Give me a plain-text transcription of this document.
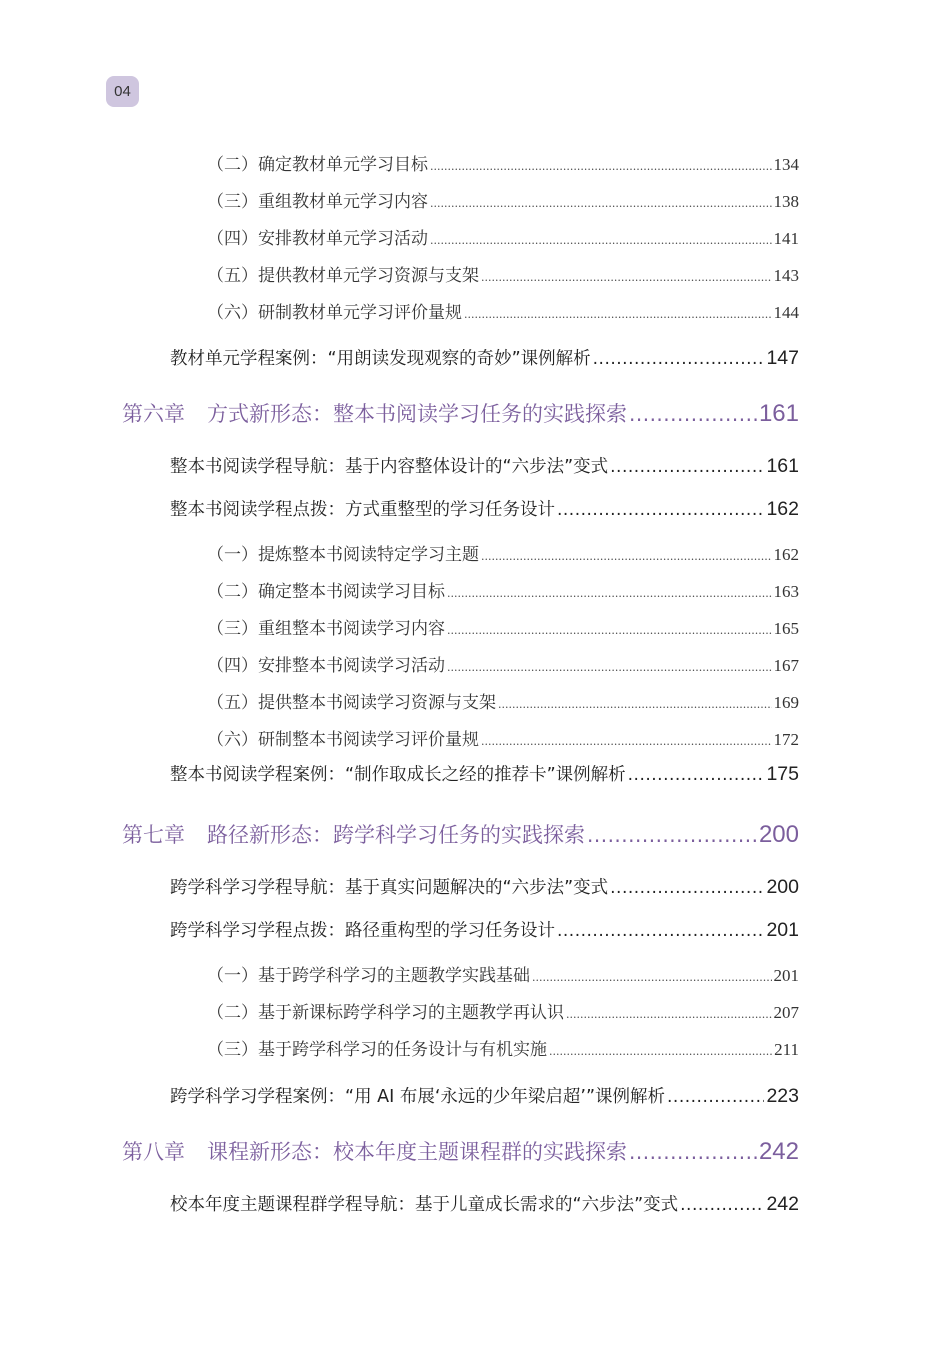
04
（二）确定教材单元学习目标 .....	134
（三）重组教材单元学习内容 .....	138
（四）安排教材单元学习活动 .....	141
（五）提供教材单元学习资源与支架 .....	143
（六）研制教材单元学习评价量规 .....	144
教材单元学程案例：“用朗读发现观察的奇妙”课例解析 .....	147
第六章 方式新形态：整本书阅读学习任务的实践探索 .....	161
整本书阅读学程导航：基于内容整体设计的“六步法”变式 .....	161
整本书阅读学程点拨：方式重整型的学习任务设计 .....	162
（一）提炼整本书阅读特定学习主题 .....	162
（二）确定整本书阅读学习目标 .....	163
（三）重组整本书阅读学习内容 .....	165
（四）安排整本书阅读学习活动 .....	167
（五）提供整本书阅读学习资源与支架 .....	169
（六）研制整本书阅读学习评价量规 .....	172
整本书阅读学程案例：“制作取成长之经的推荐卡”课例解析 .....	175
第七章 路径新形态：跨学科学习任务的实践探索 .....	200
跨学科学习学程导航：基于真实问题解决的“六步法”变式 .....	200
跨学科学习学程点拨：路径重构型的学习任务设计 .....	201
（一）基于跨学科学习的主题教学实践基础 .....	201
（二）基于新课标跨学科学习的主题教学再认识 .....	207
（三）基于跨学科学习的任务设计与有机实施 .....	211
跨学科学习学程案例：“用 AI 布展‘永远的少年梁启超’”课例解析 .....	223
第八章 课程新形态：校本年度主题课程群的实践探索 .....	242
校本年度主题课程群学程导航：基于儿童成长需求的“六步法”变式 .....	242
